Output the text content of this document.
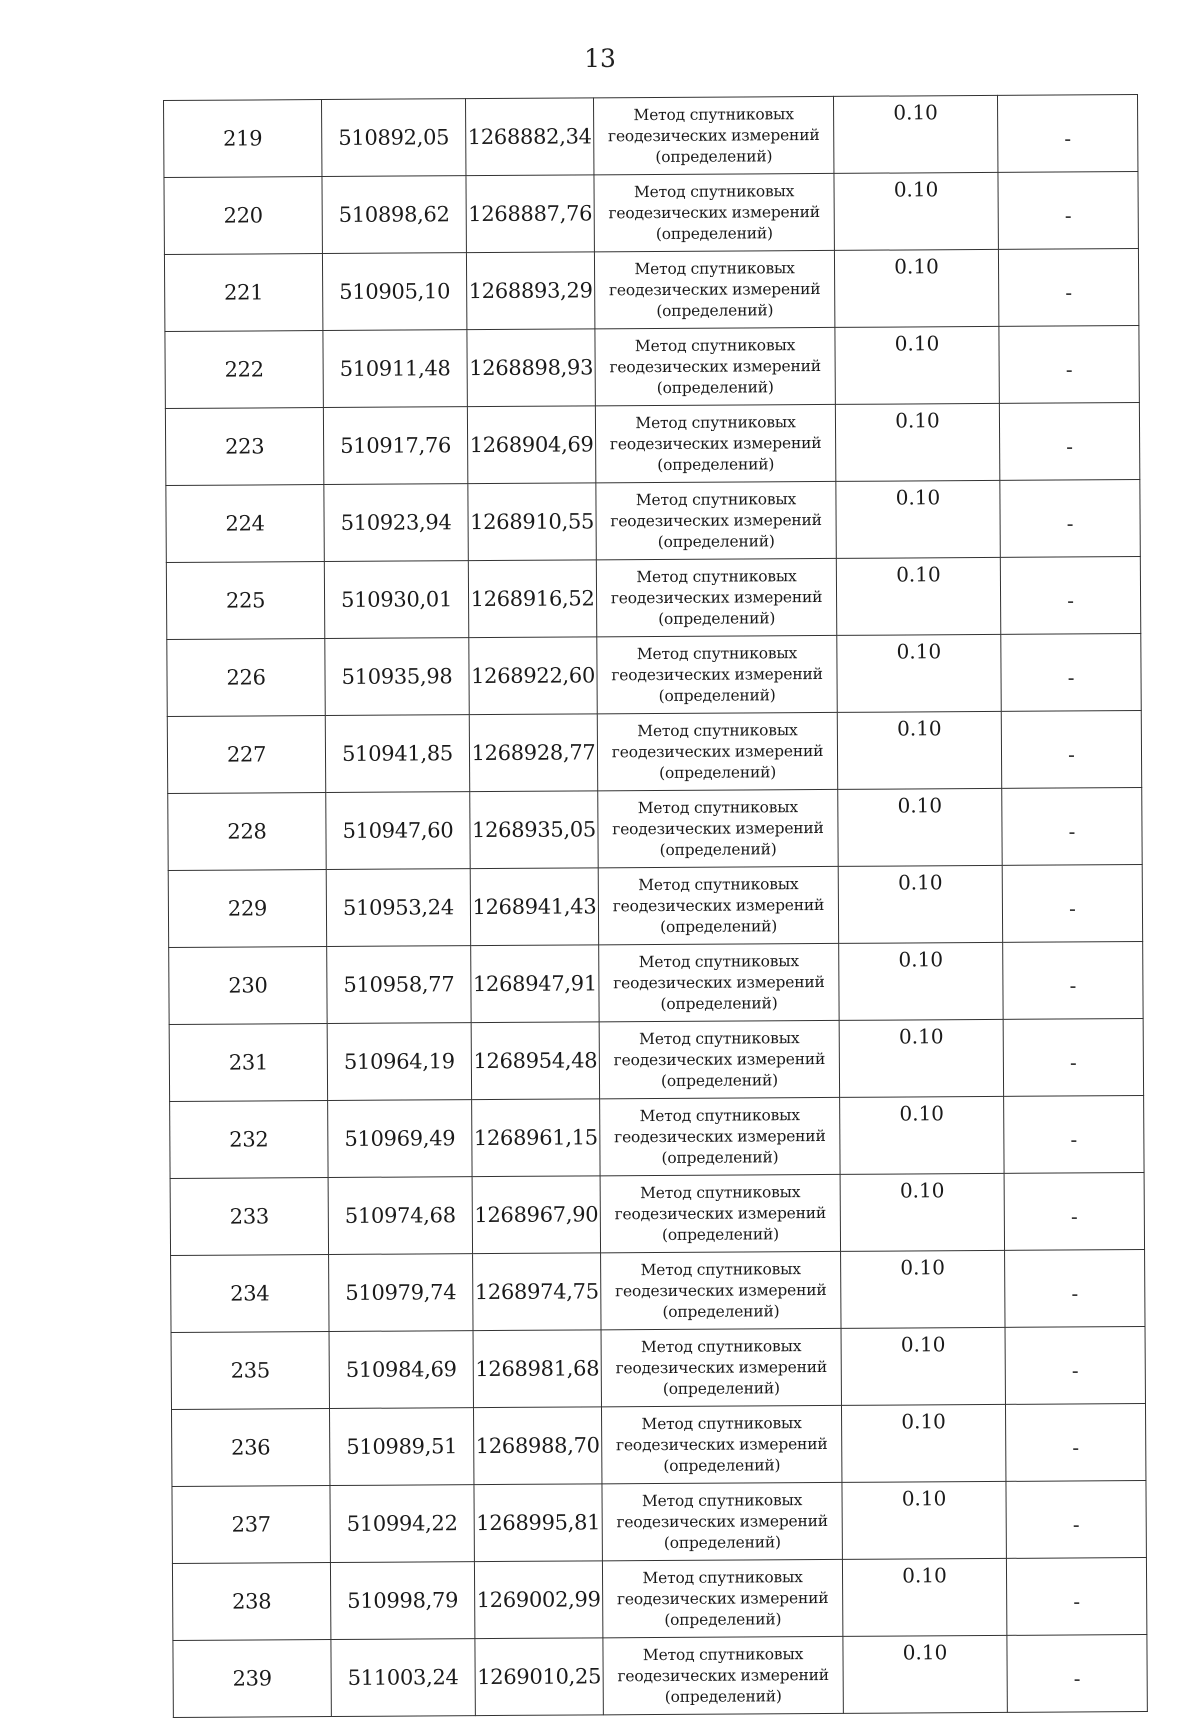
13
219	510892,05	1268882,34	Метод спутниковых
геодезических измерений
(определений)	0.10	-
220	510898,62	1268887,76	Метод спутниковых
геодезических измерений
(определений)	0.10	-
221	510905,10	1268893,29	Метод спутниковых
геодезических измерений
(определений)	0.10	-
222	510911,48	1268898,93	Метод спутниковых
геодезических измерений
(определений)	0.10	-
223	510917,76	1268904,69	Метод спутниковых
геодезических измерений
(определений)	0.10	-
224	510923,94	1268910,55	Метод спутниковых
геодезических измерений
(определений)	0.10	-
225	510930,01	1268916,52	Метод спутниковых
геодезических измерений
(определений)	0.10	-
226	510935,98	1268922,60	Метод спутниковых
геодезических измерений
(определений)	0.10	-
227	510941,85	1268928,77	Метод спутниковых
геодезических измерений
(определений)	0.10	-
228	510947,60	1268935,05	Метод спутниковых
геодезических измерений
(определений)	0.10	-
229	510953,24	1268941,43	Метод спутниковых
геодезических измерений
(определений)	0.10	-
230	510958,77	1268947,91	Метод спутниковых
геодезических измерений
(определений)	0.10	-
231	510964,19	1268954,48	Метод спутниковых
геодезических измерений
(определений)	0.10	-
232	510969,49	1268961,15	Метод спутниковых
геодезических измерений
(определений)	0.10	-
233	510974,68	1268967,90	Метод спутниковых
геодезических измерений
(определений)	0.10	-
234	510979,74	1268974,75	Метод спутниковых
геодезических измерений
(определений)	0.10	-
235	510984,69	1268981,68	Метод спутниковых
геодезических измерений
(определений)	0.10	-
236	510989,51	1268988,70	Метод спутниковых
геодезических измерений
(определений)	0.10	-
237	510994,22	1268995,81	Метод спутниковых
геодезических измерений
(определений)	0.10	-
238	510998,79	1269002,99	Метод спутниковых
геодезических измерений
(определений)	0.10	-
239	511003,24	1269010,25	Метод спутниковых
геодезических измерений
(определений)	0.10	-
